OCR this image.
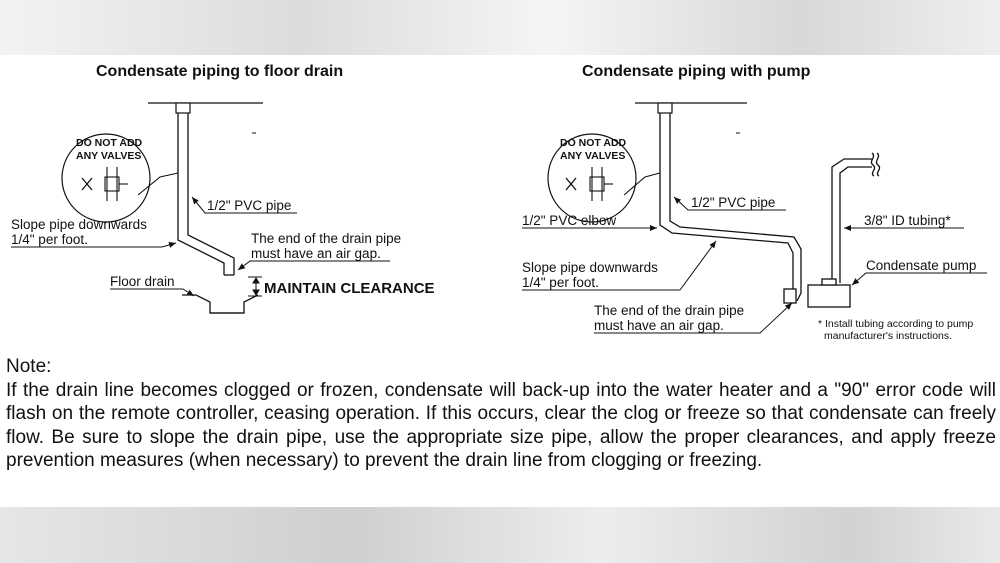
Condensate piping to floor drain
DO NOT ADD
ANY VALVES
1/2" PVC pipe
Slope pipe downwards
1/4" per foot.	The end of the drain pipe
must have an air gap.
Floor drain	MAINTAIN CLEARANCE
Condensate piping with pump
DO NOT ADD
ANY VALVES
1/2" PVC pipe
1/2" PVC elbow	3/8" ID tubing*
Condensate pump
Slope pipe downwards
1/4" per foot.
The end of the drain pipe
must have an air gap.	* Install tubing according to pump
manufacturer's instructions.
Note:
If the drain line becomes clogged or frozen, condensate will back-up into the water heater and a "90" error code will flash on the remote controller, ceasing operation. If this occurs, clear the clog or freeze so that condensate can freely flow. Be sure to slope the drain pipe, use the appropriate size pipe, allow the proper clearances, and apply freeze prevention measures (when necessary) to prevent the drain line from clogging or freezing.
